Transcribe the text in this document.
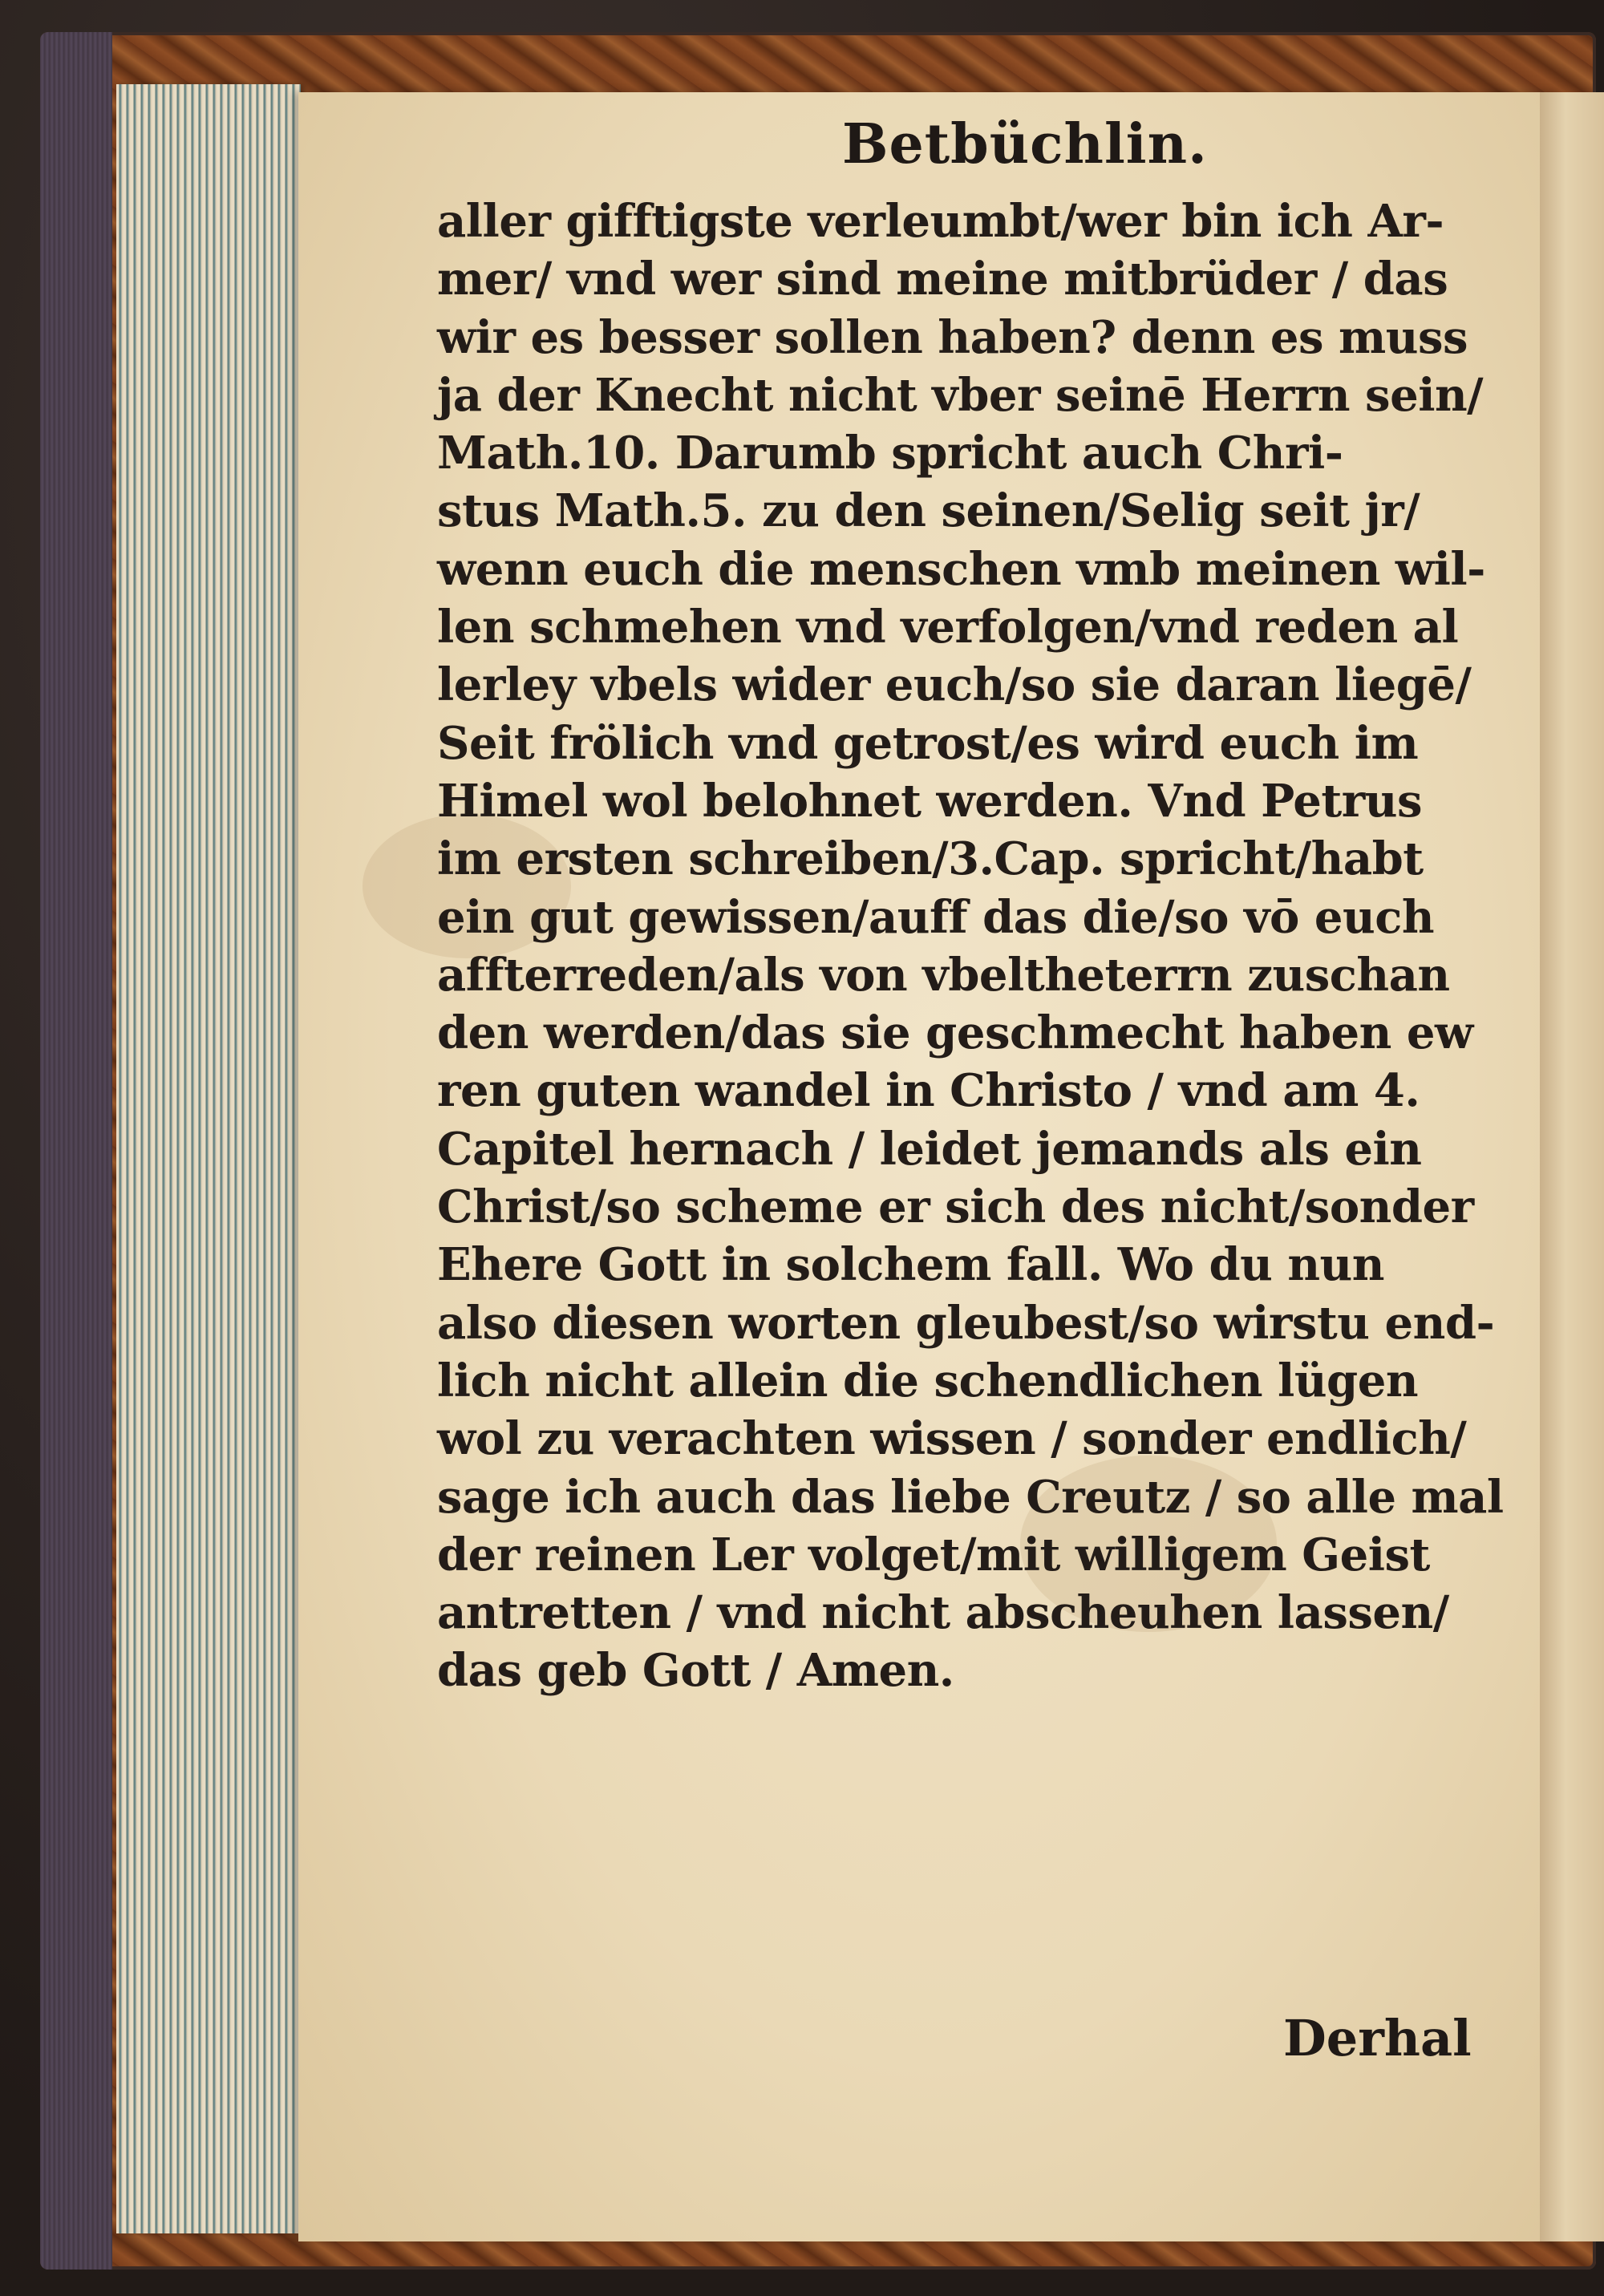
Betbüchlin.
aller gifftigste verleumbt/wer bin ich Ar-
mer/ vnd wer sind meine mitbrüder / das
wir es besser sollen haben? denn es muss
ja der Knecht nicht vber seinē Herrn sein/
Math.10. Darumb spricht auch Chri-
stus Math.5. zu den seinen/Selig seit jr/
wenn euch die menschen vmb meinen wil-
len schmehen vnd verfolgen/vnd reden al
lerley vbels wider euch/so sie daran liegē/
Seit frölich vnd getrost/es wird euch im
Himel wol belohnet werden. Vnd Petrus
im ersten schreiben/3.Cap. spricht/habt
ein gut gewissen/auff das die/so vō euch
affterreden/als von vbeltheterrn zuschan
den werden/das sie geschmecht haben ew
ren guten wandel in Christo / vnd am 4.
Capitel hernach / leidet jemands als ein
Christ/so scheme er sich des nicht/sonder
Ehere Gott in solchem fall. Wo du nun
also diesen worten gleubest/so wirstu end-
lich nicht allein die schendlichen lügen
wol zu verachten wissen / sonder endlich/
sage ich auch das liebe Creutz / so alle mal
der reinen Ler volget/mit willigem Geist
antretten / vnd nicht abscheuhen lassen/
das geb Gott / Amen.
Derhal
